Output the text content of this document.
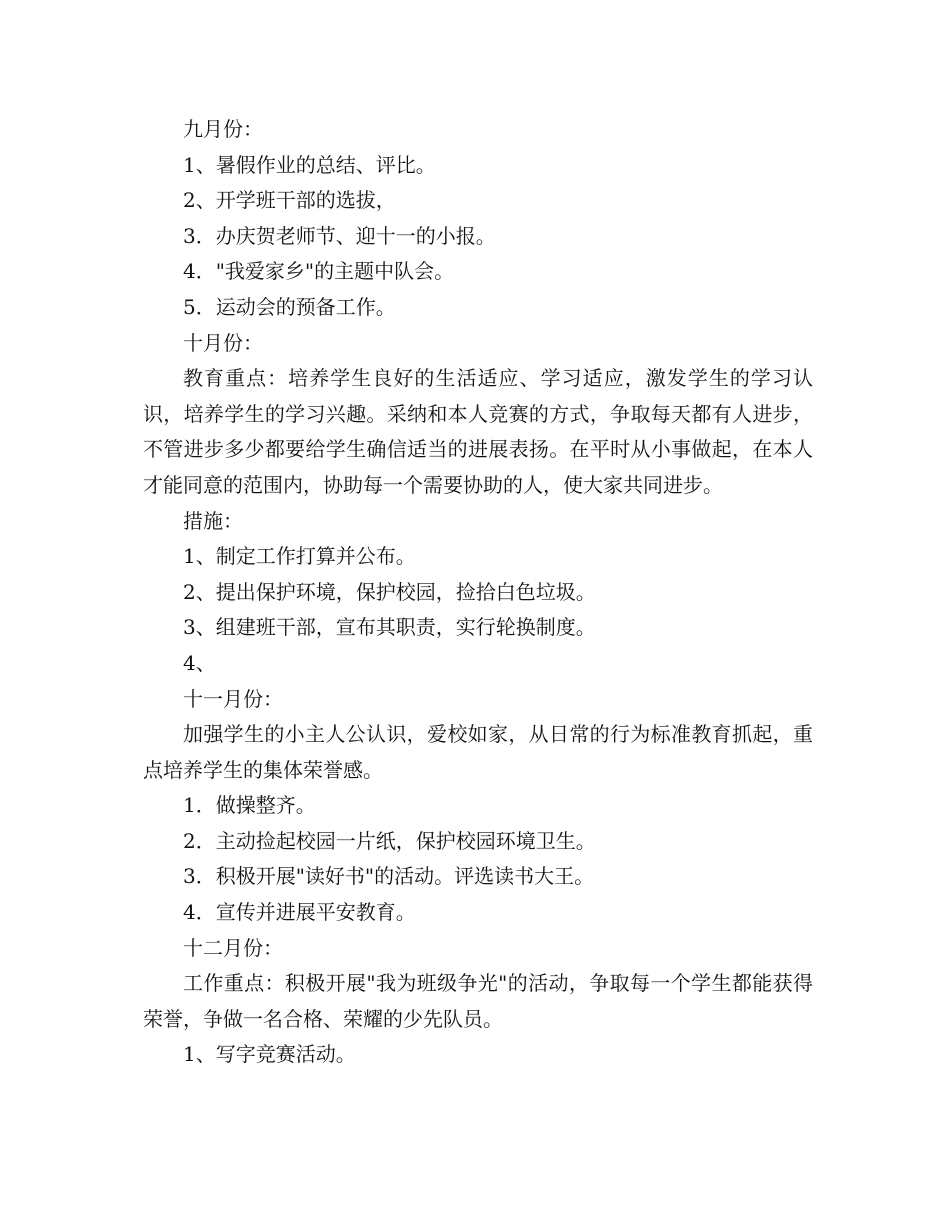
九月份：
1、暑假作业的总结、评比。
2、开学班干部的选拔，
3．办庆贺老师节、迎十一的小报。
4．"我爱家乡"的主题中队会。
5．运动会的预备工作。
十月份：

教育重点：培养学生良好的生活适应、学习适应，激发学生的学习认识，培养学生的学习兴趣。采纳和本人竞赛的方式，争取每天都有人进步，不管进步多少都要给学生确信适当的进展表扬。在平时从小事做起，在本人才能同意的范围内，协助每一个需要协助的人，使大家共同进步。

措施：
1、制定工作打算并公布。
2、提出保护环境，保护校园，捡拾白色垃圾。
3、组建班干部，宣布其职责，实行轮换制度。
4、
十一月份：

加强学生的小主人公认识，爱校如家，从日常的行为标准教育抓起，重点培养学生的集体荣誉感。

1．做操整齐。
2．主动捡起校园一片纸，保护校园环境卫生。
3．积极开展"读好书"的活动。评选读书大王。
4．宣传并进展平安教育。
十二月份：

工作重点：积极开展"我为班级争光"的活动，争取每一个学生都能获得荣誉，争做一名合格、荣耀的少先队员。

1、写字竞赛活动。
